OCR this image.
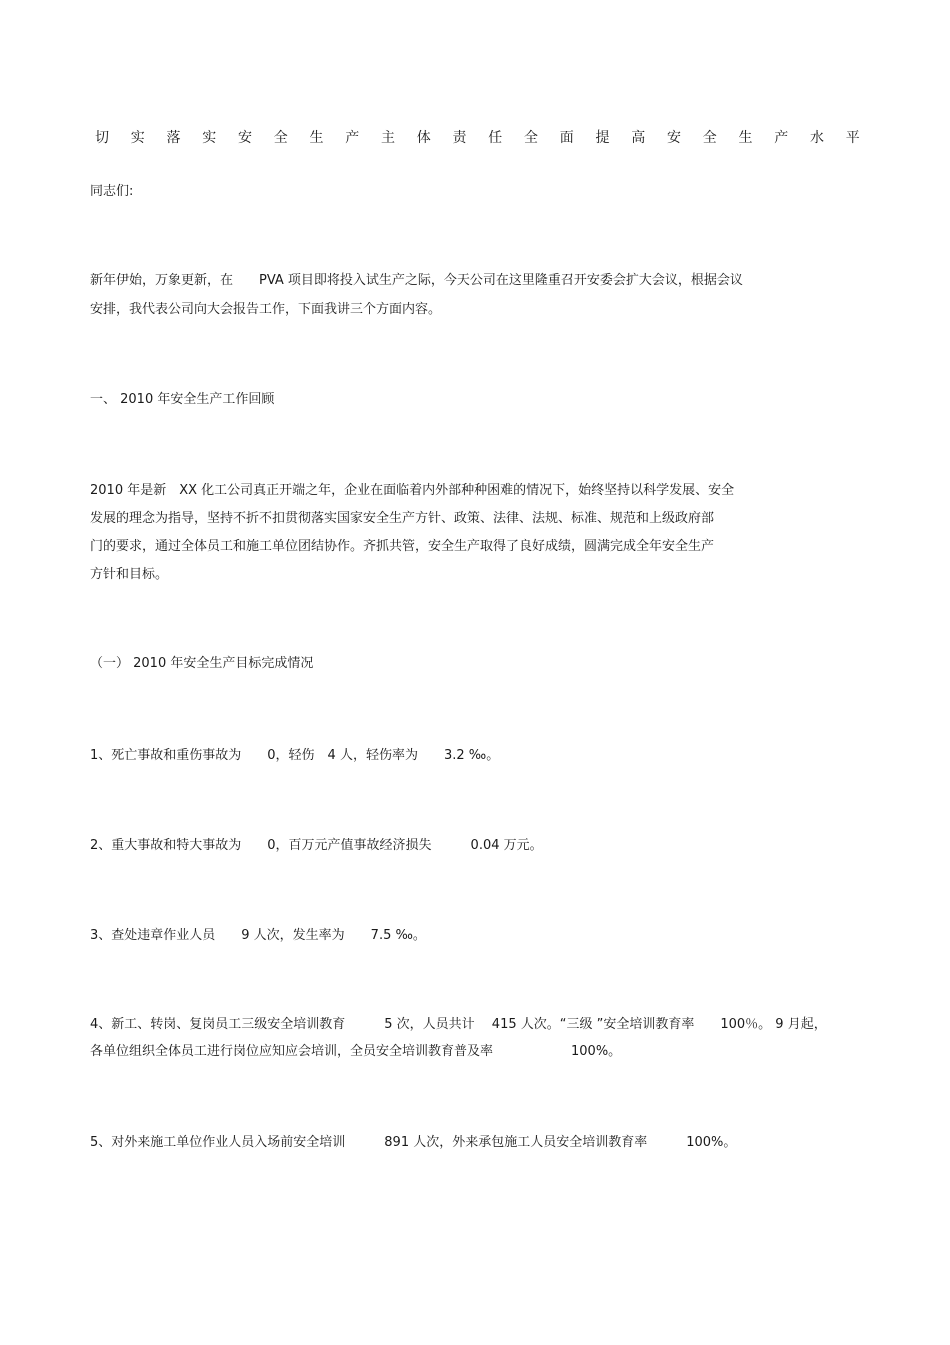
切 实 落 实 安 全 生 产 主 体 责 任 全 面 提 高 安 全 生 产 水 平
同志们:
新年伊始，万象更新，在　　PVA 项目即将投入试生产之际，今天公司在这里隆重召开安委会扩大会议，根据会议
安排，我代表公司向大会报告工作，下面我讲三个方面内容。
一、 2010 年安全生产工作回顾
2010 年是新　XX 化工公司真正开端之年，企业在面临着内外部种种困难的情况下，始终坚持以科学发展、安全
发展的理念为指导，坚持不折不扣贯彻落实国家安全生产方针、政策、法律、法规、标准、规范和上级政府部
门的要求，通过全体员工和施工单位团结协作。齐抓共管，安全生产取得了良好成绩，圆满完成全年安全生产
方针和目标。
（一） 2010 年安全生产目标完成情况
1、死亡事故和重伤事故为　　0，轻伤　4 人，轻伤率为　　3.2 ‰。
2、重大事故和特大事故为　　0，百万元产值事故经济损失　　　0.04 万元。
3、查处违章作业人员　　9 人次，发生率为　　7.5 ‰。
4、新工、转岗、复岗员工三级安全培训教育　　　5 次，人员共计　 415 人次。“三级 ”安全培训教育率　　100％。 9 月起，
各单位组织全体员工进行岗位应知应会培训，全员安全培训教育普及率　　　　　　100%。
5、对外来施工单位作业人员入场前安全培训　　　891 人次，外来承包施工人员安全培训教育率　　　100%。
